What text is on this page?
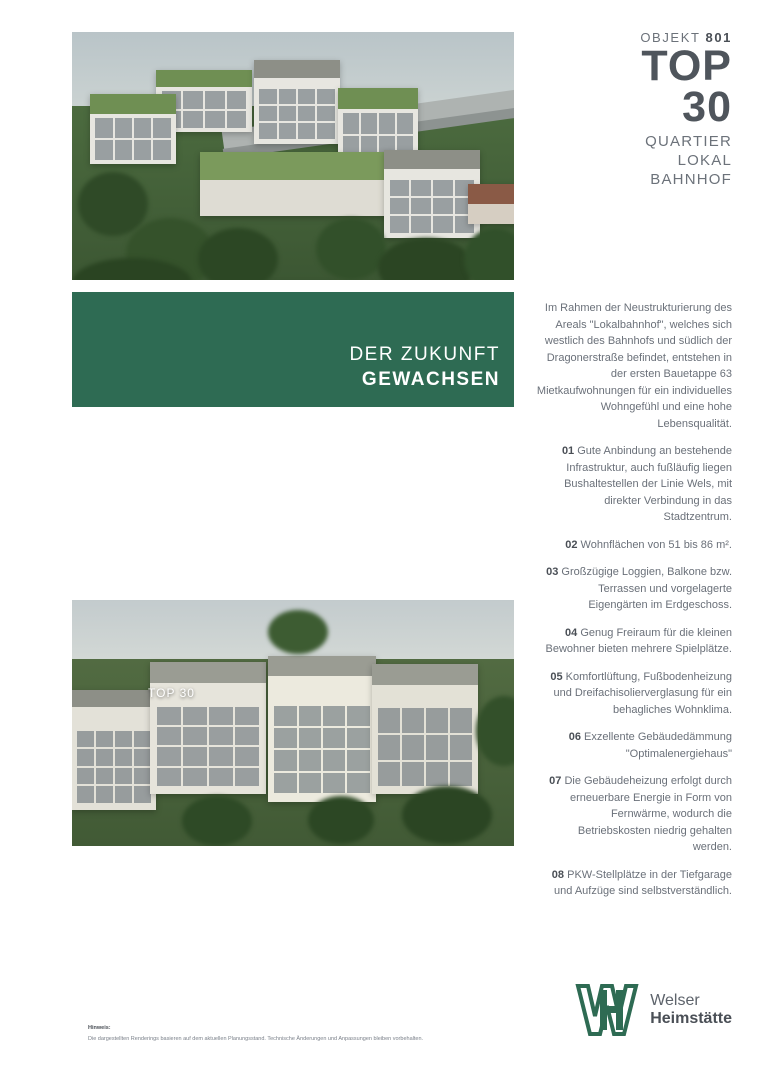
DER ZUKUNFT
GEWACHSEN
TOP 30
OBJEKT 801
TOP
30
QUARTIER
LOKAL
BAHNHOF

Im Rahmen der Neustrukturierung des Areals "Lokalbahnhof", welches sich westlich des Bahnhofs und südlich der Dragonerstraße befindet, entstehen in der ersten Bauetappe 63 Mietkaufwohnungen für ein individuelles Wohngefühl und eine hohe Lebensqualität.

01 Gute Anbindung an bestehende Infrastruktur, auch fußläufig liegen Bushaltestellen der Linie Wels, mit direkter Verbindung in das Stadtzentrum.

02 Wohnflächen von 51 bis 86 m².

03 Großzügige Loggien, Balkone bzw. Terrassen und vorgelagerte Eigengärten im Erdgeschoss.

04 Genug Freiraum für die kleinen Bewohner bieten mehrere Spielplätze.

05 Komfortlüftung, Fußbodenheizung und Dreifachisolierverglasung für ein behagliches Wohnklima.

06 Exzellente Gebäudedämmung "Optimalenergiehaus"

07 Die Gebäudeheizung erfolgt durch erneuerbare Energie in Form von Fernwärme, wodurch die Betriebskosten niedrig gehalten werden.

08 PKW-Stellplätze in der Tiefgarage und Aufzüge sind selbstverständlich.

Welser
Heimstätte
Hinweis:
Die dargestellten Renderings basieren auf dem aktuellen Planungsstand. Technische Änderungen und Anpassungen bleiben vorbehalten.
